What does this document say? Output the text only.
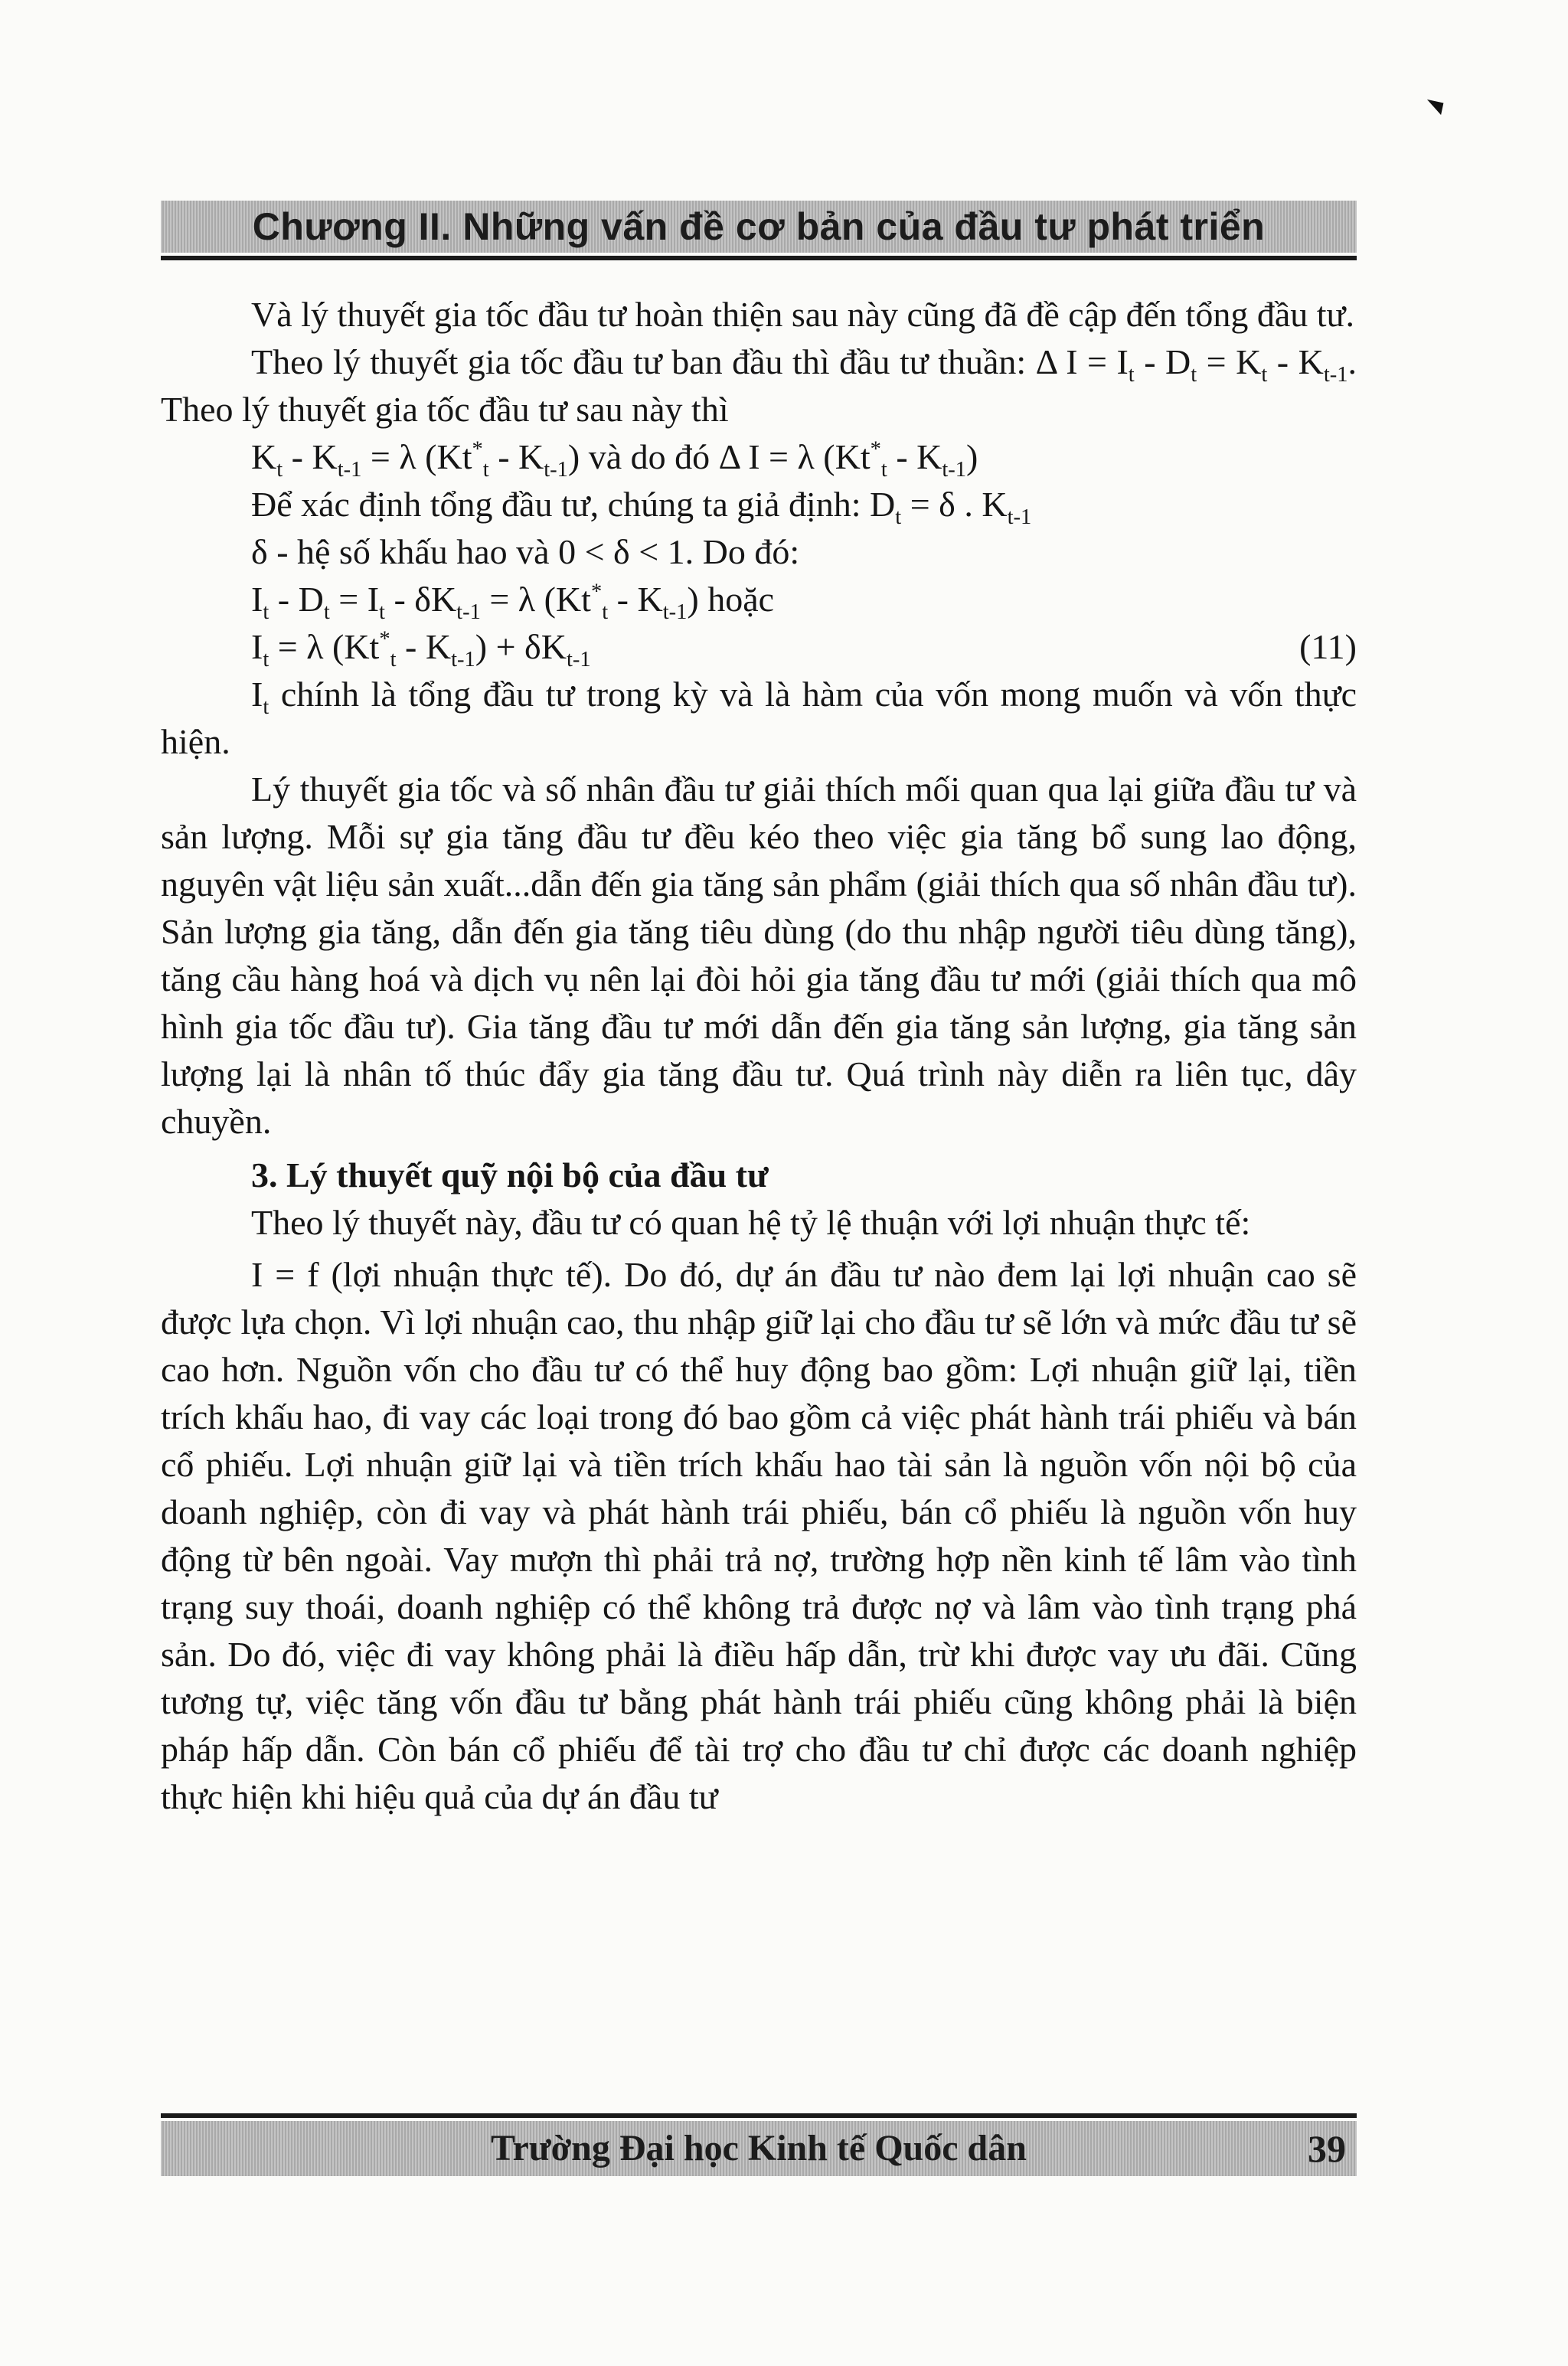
Chương II. Những vấn đề cơ bản của đầu tư phát triển

Và lý thuyết gia tốc đầu tư hoàn thiện sau này cũng đã đề cập đến tổng đầu tư.

Theo lý thuyết gia tốc đầu tư ban đầu thì đầu tư thuần: Δ $I = I_t - D_t = K_t - K_{t-1}$. Theo lý thuyết gia tốc đầu tư sau này thì

$K_t - K_{t-1} = \lambda$ $(Kt^*_t - K_{t-1})$ và do đó Δ I = λ $(Kt^*_t - K_{t-1})$

Để xác định tổng đầu tư, chúng ta giả định: $D_t = \delta$ . $K_{t-1}$

δ - hệ số khấu hao và 0 < δ < 1. Do đó:

$I_t - D_t = I_t - \delta K_{t-1} = \lambda$ $(Kt^*_t - K_{t-1})$ hoặc

$I_t = \lambda$ $(Kt^*_t - K_{t-1}) + \delta K_{t-1}$	(11)

$I_t$ chính là tổng đầu tư trong kỳ và là hàm của vốn mong muốn và vốn thực hiện.

Lý thuyết gia tốc và số nhân đầu tư giải thích mối quan qua lại giữa đầu tư và sản lượng. Mỗi sự gia tăng đầu tư đều kéo theo việc gia tăng bổ sung lao động, nguyên vật liệu sản xuất...dẫn đến gia tăng sản phẩm (giải thích qua số nhân đầu tư). Sản lượng gia tăng, dẫn đến gia tăng tiêu dùng (do thu nhập người tiêu dùng tăng), tăng cầu hàng hoá và dịch vụ nên lại đòi hỏi gia tăng đầu tư mới (giải thích qua mô hình gia tốc đầu tư). Gia tăng đầu tư mới dẫn đến gia tăng sản lượng, gia tăng sản lượng lại là nhân tố thúc đẩy gia tăng đầu tư. Quá trình này diễn ra liên tục, dây chuyền.

3. Lý thuyết quỹ nội bộ của đầu tư

Theo lý thuyết này, đầu tư có quan hệ tỷ lệ thuận với lợi nhuận thực tế:

I = f (lợi nhuận thực tế). Do đó, dự án đầu tư nào đem lại lợi nhuận cao sẽ được lựa chọn. Vì lợi nhuận cao, thu nhập giữ lại cho đầu tư sẽ lớn và mức đầu tư sẽ cao hơn. Nguồn vốn cho đầu tư có thể huy động bao gồm: Lợi nhuận giữ lại, tiền trích khấu hao, đi vay các loại trong đó bao gồm cả việc phát hành trái phiếu và bán cổ phiếu. Lợi nhuận giữ lại và tiền trích khấu hao tài sản là nguồn vốn nội bộ của doanh nghiệp, còn đi vay và phát hành trái phiếu, bán cổ phiếu là nguồn vốn huy động từ bên ngoài. Vay mượn thì phải trả nợ, trường hợp nền kinh tế lâm vào tình trạng suy thoái, doanh nghiệp có thể không trả được nợ và lâm vào tình trạng phá sản. Do đó, việc đi vay không phải là điều hấp dẫn, trừ khi được vay ưu đãi. Cũng tương tự, việc tăng vốn đầu tư bằng phát hành trái phiếu cũng không phải là biện pháp hấp dẫn. Còn bán cổ phiếu để tài trợ cho đầu tư chỉ được các doanh nghiệp thực hiện khi hiệu quả của dự án đầu tư

Trường Đại học Kinh tế Quốc dân	39
